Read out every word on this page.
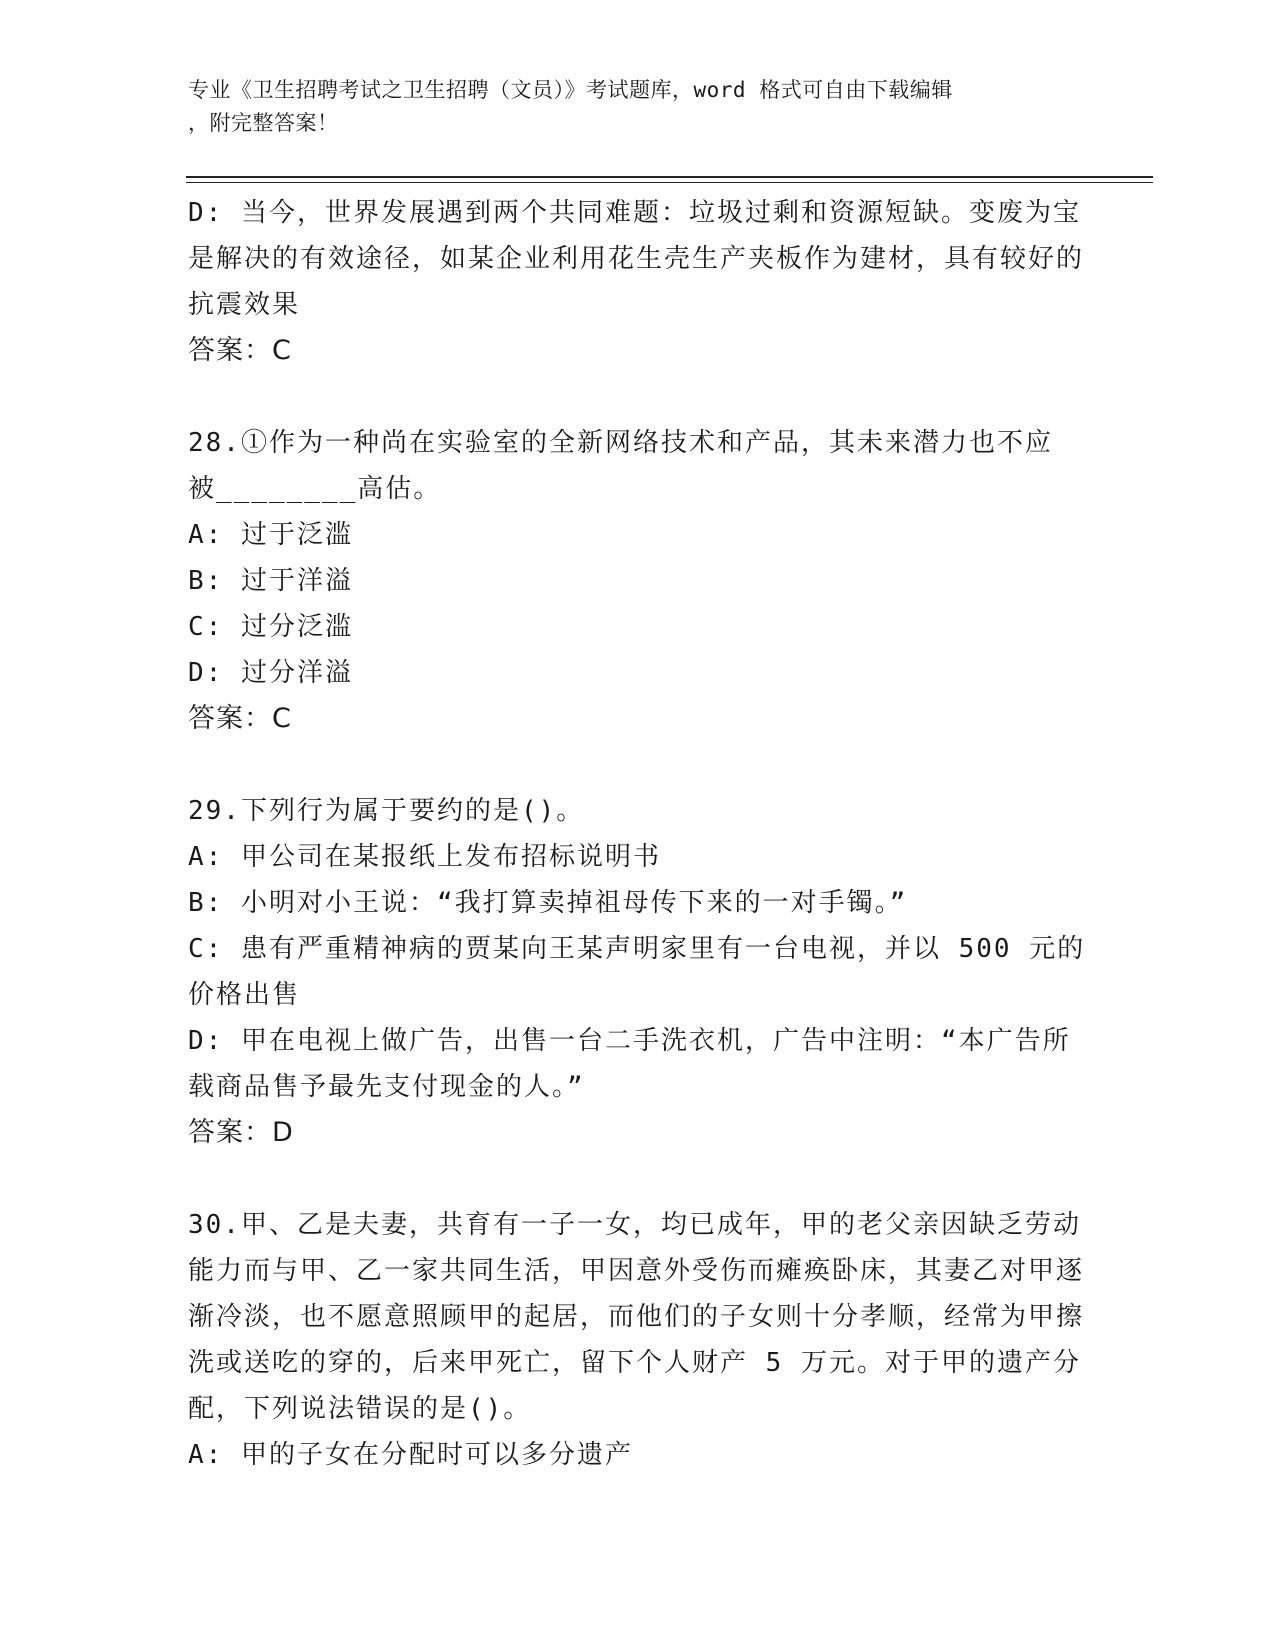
专业《卫生招聘考试之卫生招聘（文员）》考试题库，word 格式可自由下载编辑

，附完整答案！

D: 当今，世界发展遇到两个共同难题：垃圾过剩和资源短缺。变废为宝是解决的有效途径，如某企业利用花生壳生产夹板作为建材，具有较好的抗震效果

答案：C

28.①作为一种尚在实验室的全新网络技术和产品，其未来潜力也不应

被________高估。

A: 过于泛滥

B: 过于洋溢

C: 过分泛滥

D: 过分洋溢

答案：C

29.下列行为属于要约的是()。

A: 甲公司在某报纸上发布招标说明书

B: 小明对小王说：“我打算卖掉祖母传下来的一对手镯。”

C: 患有严重精神病的贾某向王某声明家里有一台电视，并以 500 元的价格出售

D: 甲在电视上做广告，出售一台二手洗衣机，广告中注明：“本广告所载商品售予最先支付现金的人。”

答案：D

30.甲、乙是夫妻，共育有一子一女，均已成年，甲的老父亲因缺乏劳动能力而与甲、乙一家共同生活，甲因意外受伤而瘫痪卧床，其妻乙对甲逐渐冷淡，也不愿意照顾甲的起居，而他们的子女则十分孝顺，经常为甲擦洗或送吃的穿的，后来甲死亡，留下个人财产 5 万元。对于甲的遗产分配，下列说法错误的是()。

A: 甲的子女在分配时可以多分遗产
